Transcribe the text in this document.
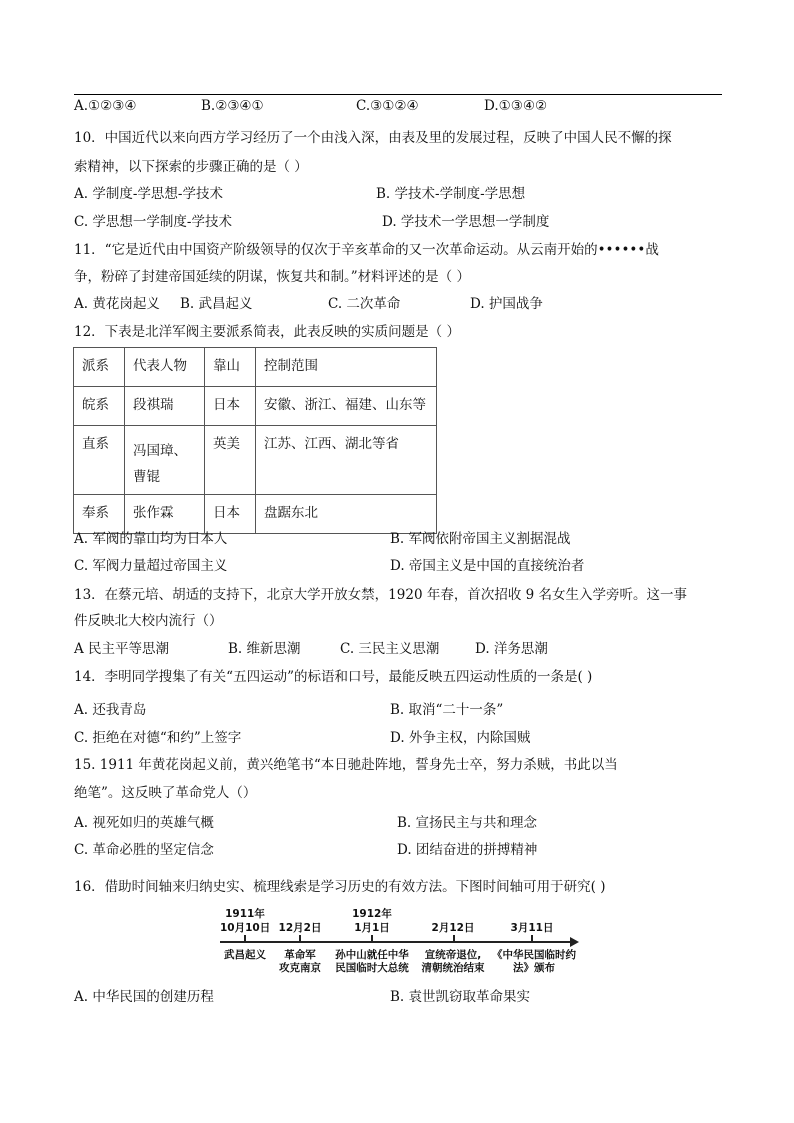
A.①②③④	B.②③④①	C.③①②④	D.①③④②
10．中国近代以来向西方学习经历了一个由浅入深，由表及里的发展过程，反映了中国人民不懈的探
索精神，以下探索的步骤正确的是（ ）
A. 学制度-学思想-学技术	B. 学技术-学制度-学思想
C. 学思想一学制度-学技术	D. 学技术一学思想一学制度
11．“它是近代由中国资产阶级领导的仅次于辛亥革命的又一次革命运动。从云南开始的••••••战
争，粉碎了封建帝国延续的阴谋，恢复共和制。”材料评述的是（ ）
A. 黄花岗起义 B. 武昌起义	C. 二次革命	D. 护国战争
12．下表是北洋军阀主要派系简表，此表反映的实质问题是（ ）
派系	代表人物	靠山	控制范围
皖系	段祺瑞	日本	安徽、浙江、福建、山东等
直系	冯国璋、曹锟	英美	江苏、江西、湖北等省
奉系	张作霖	日本	盘踞东北
A. 军阀的靠山均为日本人	B. 军阀依附帝国主义割据混战
C. 军阀力量超过帝国主义	D. 帝国主义是中国的直接统治者
13．在蔡元培、胡适的支持下，北京大学开放女禁，1920 年春，首次招收 9 名女生入学旁听。这一事
件反映北大校内流行（）
A 民主平等思潮	B. 维新思潮	C. 三民主义思潮	D. 洋务思潮
14．李明同学搜集了有关“五四运动”的标语和口号，最能反映五四运动性质的一条是( )
A. 还我青岛	B. 取消“二十一条”
C. 拒绝在对德“和约”上签字	D. 外争主权，内除国贼
15. 1911 年黄花岗起义前，黄兴绝笔书“本日驰赴阵地，誓身先士卒，努力杀贼，书此以当
绝笔”。这反映了革命党人（）
A. 视死如归的英雄气概	B. 宣扬民主与共和理念
C. 革命必胜的坚定信念	D. 团结奋进的拼搏精神
16．借助时间轴来归纳史实、梳理线索是学习历史的有效方法。下图时间轴可用于研究( )
1911年
10月10日
武昌起义
12月2日
革命军
攻克南京
1912年
1月1日
孙中山就任中华
民国临时大总统
2月12日
宣统帝退位,
清朝统治结束
3月11日
《中华民国临时约
法》颁布
A. 中华民国的创建历程	B. 袁世凯窃取革命果实
